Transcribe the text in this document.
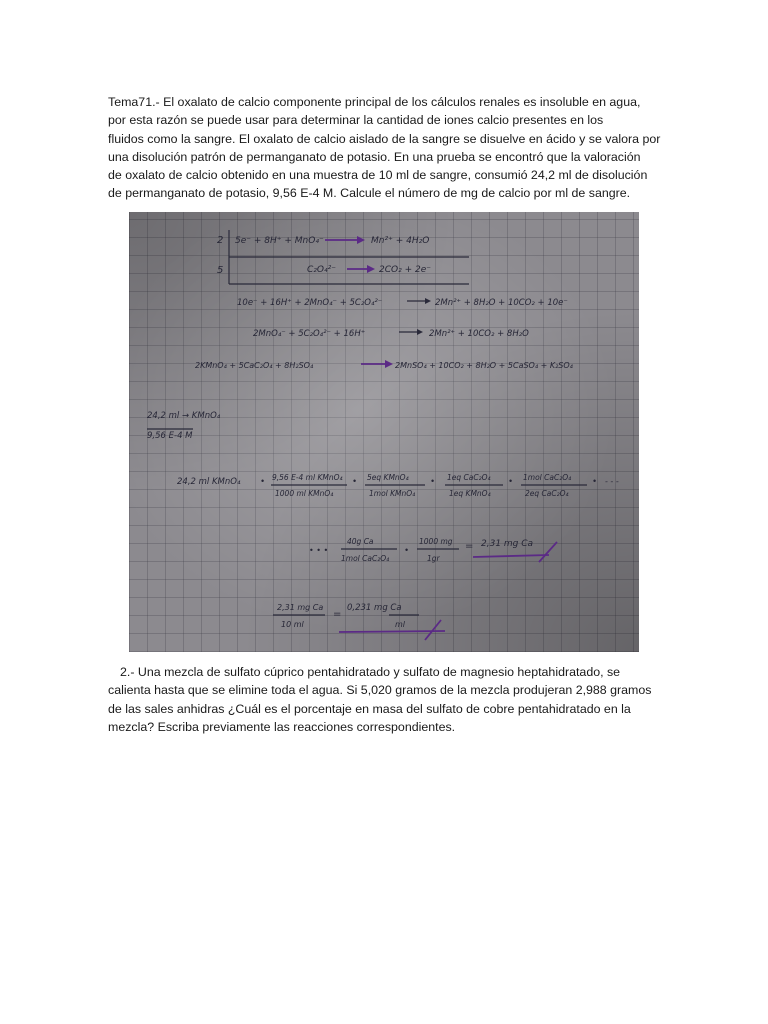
Tema71.- El oxalato de calcio componente principal de los cálculos renales es insoluble en agua,
por esta razón se puede usar para determinar la cantidad de iones calcio presentes en los
fluidos como la sangre. El oxalato de calcio aislado de la sangre se disuelve en ácido y se valora por
una disolución patrón de permanganato de potasio. En una prueba se encontró que la valoración
de oxalato de calcio obtenido en una muestra de 10 ml de sangre, consumió 24,2 ml de disolución
de permanganato de potasio, 9,56 E-4 M. Calcule el número de mg de calcio por ml de sangre.

2 5e⁻ + 8H⁺ + MnO₄⁻	Mn²⁺ + 4H₂O
5	C₂O₄²⁻	2CO₂ + 2e⁻
10e⁻ + 16H⁺ + 2MnO₄⁻ + 5C₂O₄²⁻	2Mn²⁺ + 8H₂O + 10CO₂ + 10e⁻
2MnO₄⁻ + 5C₂O₄²⁻ + 16H⁺	2Mn²⁺ + 10CO₂ + 8H₂O
2KMnO₄ + 5CaC₂O₄ + 8H₂SO₄	2MnSO₄ + 10CO₂ + 8H₂O + 5CaSO₄ + K₂SO₄
24,2 ml → KMnO₄
9,56 E-4 M
24,2 ml KMnO₄ • 9,56 E-4 ml KMnO₄
1000 ml KMnO₄
• 5eq KMnO₄
1mol KMnO₄
• 1eq CaC₂O₄
1eq KMnO₄
• 1mol CaC₂O₄
2eq CaC₂O₄
• - - -
• • •
40g Ca
1mol CaC₂O₄
•
1000 mg
1gr
= 2,31 mg Ca
2,31 mg Ca
10 ml
=
0,231 mg Ca
ml

2.- Una mezcla de sulfato cúprico pentahidratado y sulfato de magnesio heptahidratado, se
calienta hasta que se elimine toda el agua. Si 5,020 gramos de la mezcla produjeran 2,988 gramos
de las sales anhidras ¿Cuál es el porcentaje en masa del sulfato de cobre pentahidratado en la
mezcla? Escriba previamente las reacciones correspondientes.
